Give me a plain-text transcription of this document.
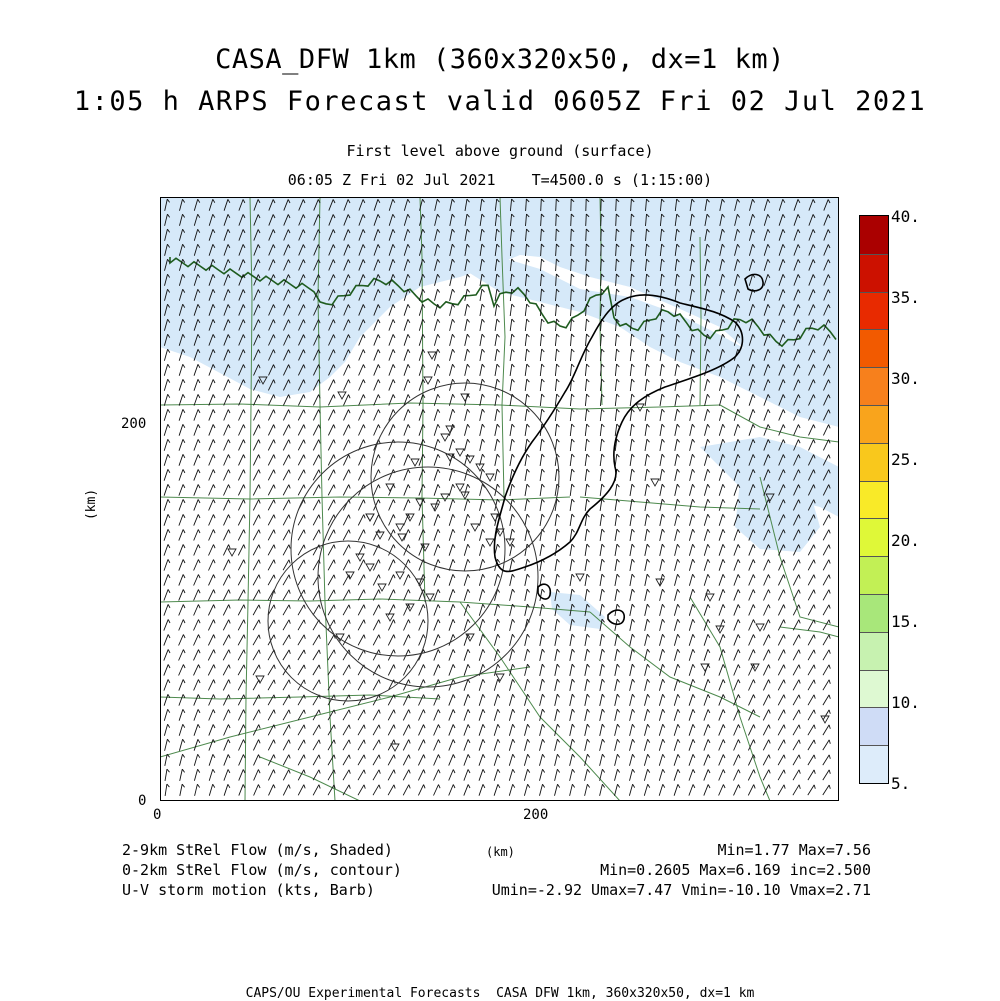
CASA_DFW 1km (360x320x50, dx=1 km)
1:05 h ARPS Forecast valid 0605Z Fri 02 Jul 2021
First level above ground (surface)
06:05 Z Fri 02 Jul 2021    T=4500.0 s (1:15:00)
0	200
0
200
(km)
40.
35.
30.
25.
20.
15.
10.
5.
2-9km StRel Flow (m/s, Shaded)
0-2km StRel Flow (m/s, contour)
U-V storm motion (kts, Barb)
(km)	Min=1.77 Max=7.56
Min=0.2605 Max=6.169 inc=2.500
Umin=-2.92 Umax=7.47 Vmin=-10.10 Vmax=2.71
CAPS/OU Experimental Forecasts  CASA DFW 1km, 360x320x50, dx=1 km
